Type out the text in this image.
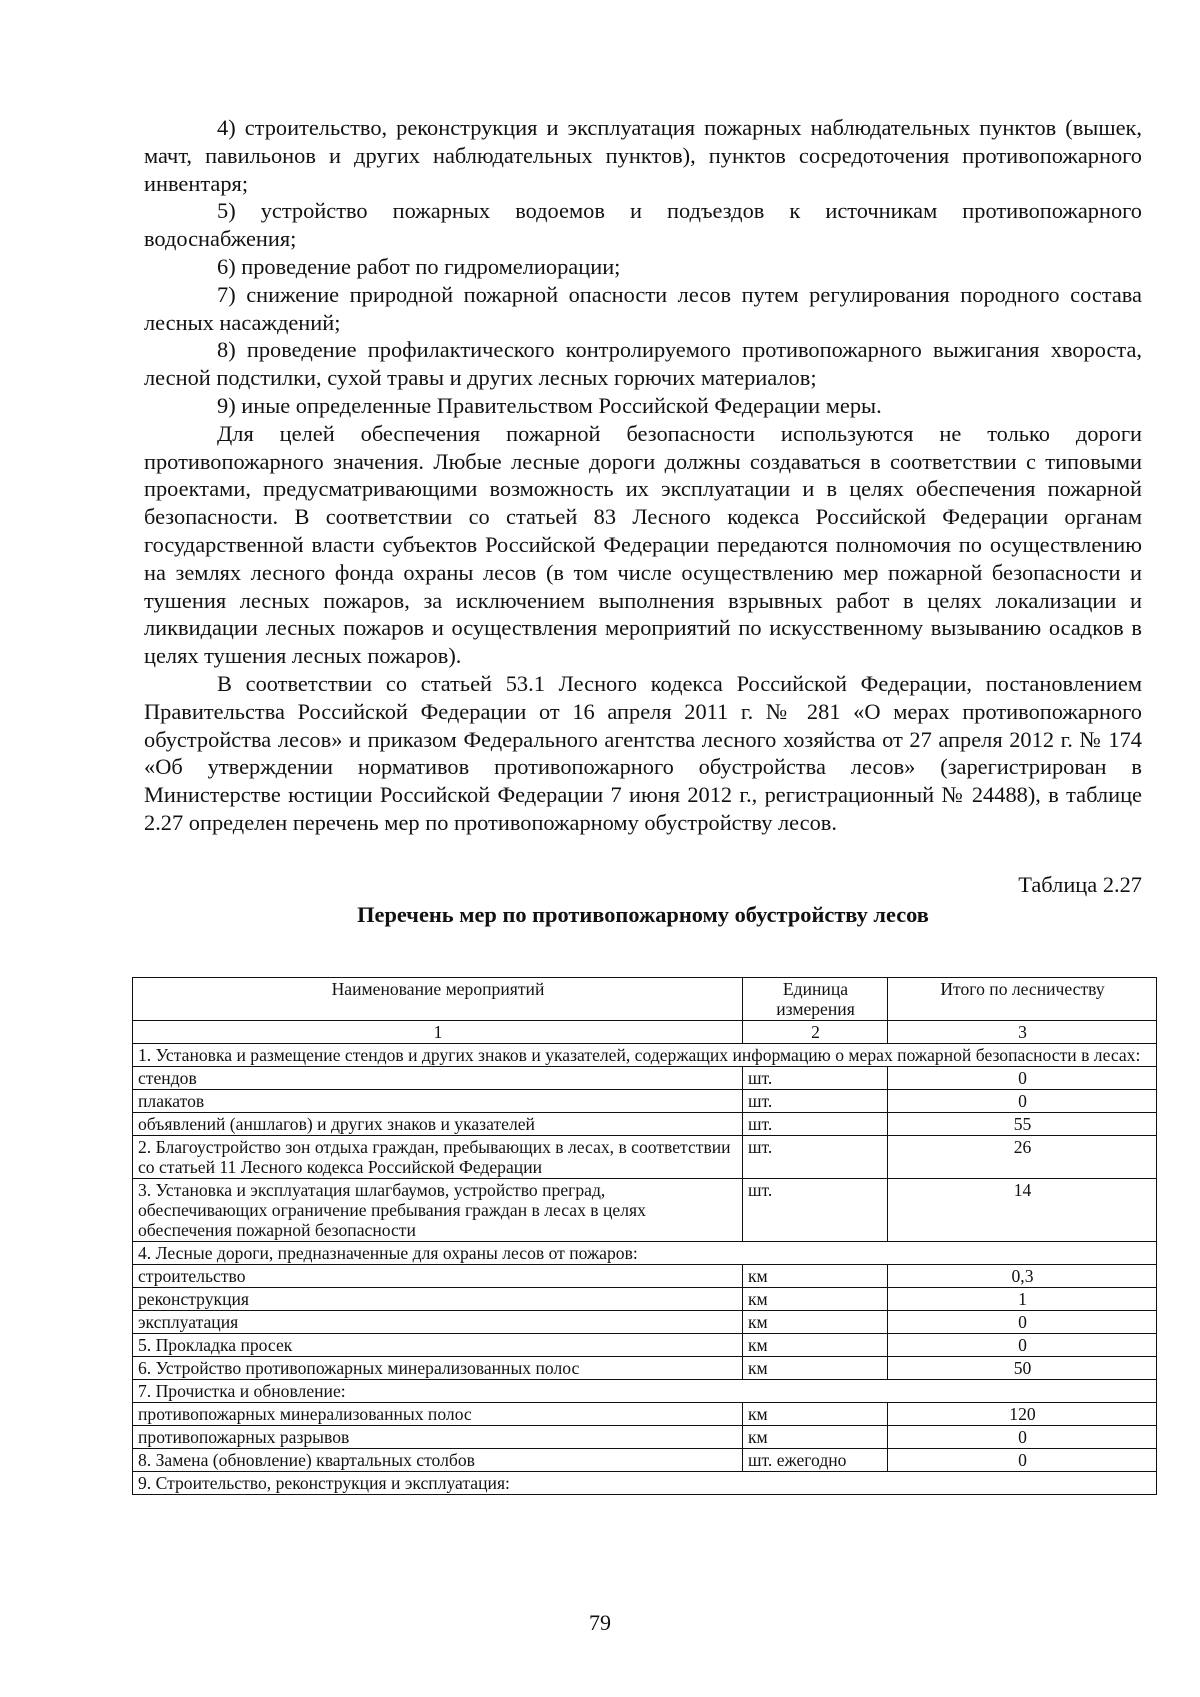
4) строительство, реконструкция и эксплуатация пожарных наблюдательных пунктов (вышек, мачт, павильонов и других наблюдательных пунктов), пунктов сосредоточения противопожарного инвентаря;

5) устройство пожарных водоемов и подъездов к источникам противопожарного водоснабжения;

6) проведение работ по гидромелиорации;

7) снижение природной пожарной опасности лесов путем регулирования породного состава лесных насаждений;

8) проведение профилактического контролируемого противопожарного выжигания хвороста, лесной подстилки, сухой травы и других лесных горючих материалов;

9) иные определенные Правительством Российской Федерации меры.

Для целей обеспечения пожарной безопасности используются не только дороги противопожарного значения. Любые лесные дороги должны создаваться в соответствии с типовыми проектами, предусматривающими возможность их эксплуатации и в целях обеспечения пожарной безопасности. В соответствии со статьей 83 Лесного кодекса Российской Федерации органам государственной власти субъектов Российской Федерации передаются полномочия по осуществлению на землях лесного фонда охраны лесов (в том числе осуществлению мер пожарной безопасности и тушения лесных пожаров, за исключением выполнения взрывных работ в целях локализации и ликвидации лесных пожаров и осуществления мероприятий по искусственному вызыванию осадков в целях тушения лесных пожаров).

В соответствии со статьей 53.1 Лесного кодекса Российской Федерации, постановлением Правительства Российской Федерации от 16 апреля 2011 г. № 281 «О мерах противопожарного обустройства лесов» и приказом Федерального агентства лесного хозяйства от 27 апреля 2012 г. № 174 «Об утверждении нормативов противопожарного обустройства лесов» (зарегистрирован в Министерстве юстиции Российской Федерации 7 июня 2012 г., регистрационный № 24488), в таблице 2.27 определен перечень мер по противопожарному обустройству лесов.

Таблица 2.27
Перечень мер по противопожарному обустройству лесов
Наименование мероприятий	Единица измерения	Итого по лесничеству
1	2	3
1. Установка и размещение стендов и других знаков и указателей, содержащих информацию о мерах пожарной безопасности в лесах:		
стендов	шт.	0
плакатов	шт.	0
объявлений (аншлагов) и других знаков и указателей	шт.	55
2. Благоустройство зон отдыха граждан, пребывающих в лесах, в соответствии со статьей 11 Лесного кодекса Российской Федерации	шт.	26
3. Установка и эксплуатация шлагбаумов, устройство преград, обеспечивающих ограничение пребывания граждан в лесах в целях обеспечения пожарной безопасности	шт.	14
4. Лесные дороги, предназначенные для охраны лесов от пожаров:		
строительство	км	0,3
реконструкция	км	1
эксплуатация	км	0
5. Прокладка просек	км	0
6. Устройство противопожарных минерализованных полос	км	50
7. Прочистка и обновление:		
противопожарных минерализованных полос	км	120
противопожарных разрывов	км	0
8. Замена (обновление) квартальных столбов	шт. ежегодно	0
9. Строительство, реконструкция и эксплуатация:		
79
